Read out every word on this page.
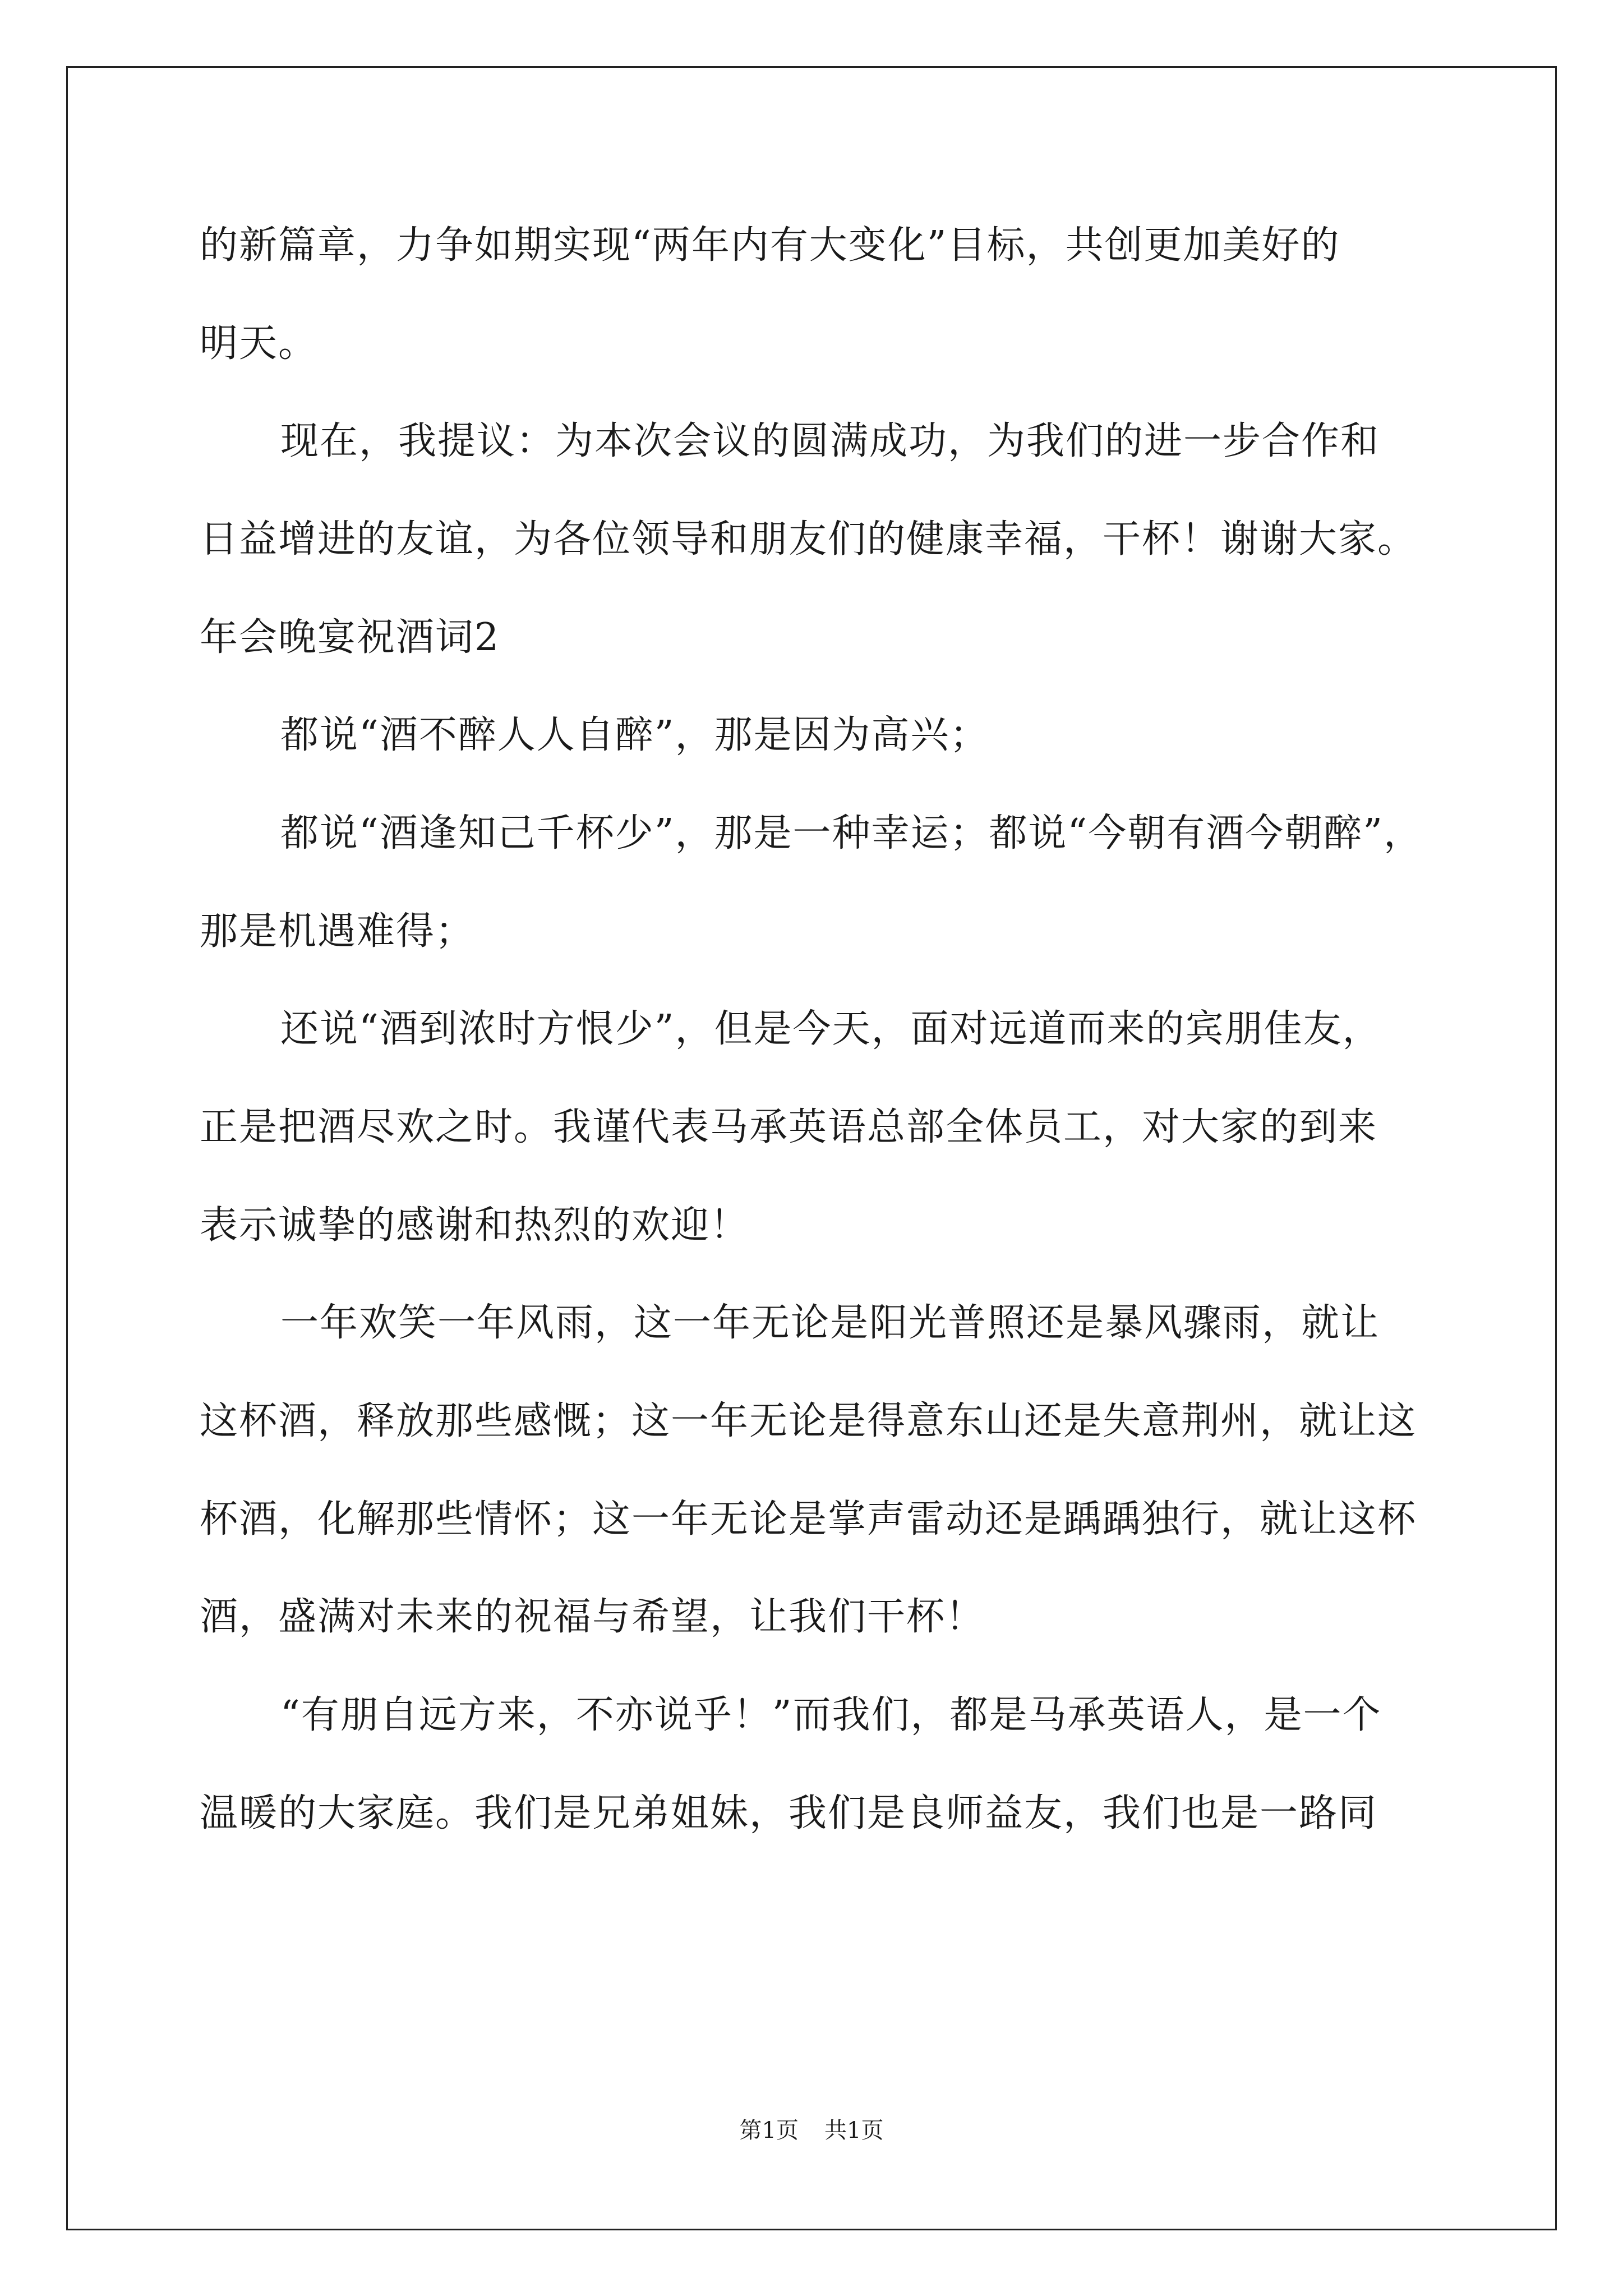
的新篇章，力争如期实现“两年内有大变化”目标，共创更加美好的
明天。
现在，我提议：为本次会议的圆满成功，为我们的进一步合作和
日益增进的友谊，为各位领导和朋友们的健康幸福，干杯！谢谢大家。
年会晚宴祝酒词2
都说“酒不醉人人自醉”，那是因为高兴；
都说“酒逢知己千杯少”，那是一种幸运；都说“今朝有酒今朝醉”，
那是机遇难得；
还说“酒到浓时方恨少”，但是今天，面对远道而来的宾朋佳友，
正是把酒尽欢之时。我谨代表马承英语总部全体员工，对大家的到来
表示诚挚的感谢和热烈的欢迎！
一年欢笑一年风雨，这一年无论是阳光普照还是暴风骤雨，就让
这杯酒，释放那些感慨；这一年无论是得意东山还是失意荆州，就让这
杯酒，化解那些情怀；这一年无论是掌声雷动还是踽踽独行，就让这杯
酒，盛满对未来的祝福与希望，让我们干杯！
“有朋自远方来，不亦说乎！”而我们，都是马承英语人，是一个
温暖的大家庭。我们是兄弟姐妹，我们是良师益友，我们也是一路同
第1页 共1页
